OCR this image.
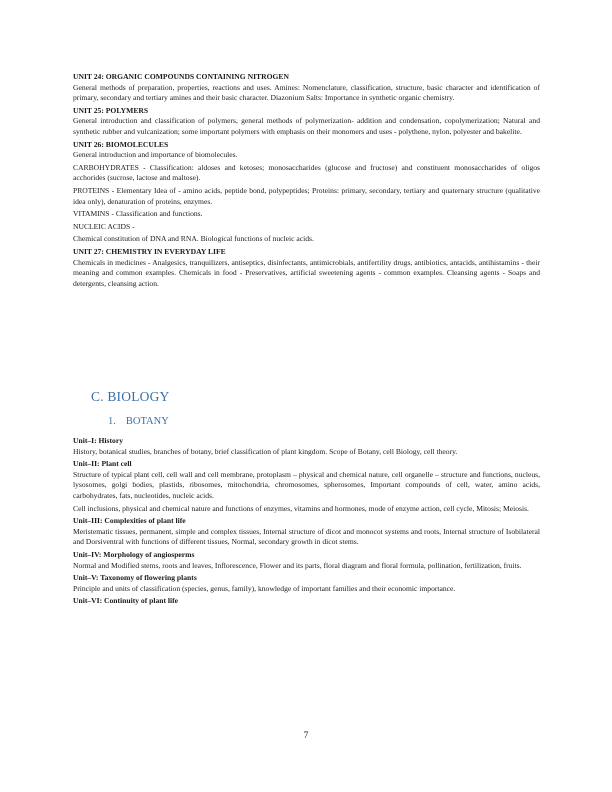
UNIT 24: ORGANIC COMPOUNDS CONTAINING NITROGEN

General methods of preparation, properties, reactions and uses. Amines: Nomenclature, classification, structure, basic character and identification of primary, secondary and tertiary amines and their basic character. Diazonium Salts: Importance in synthetic organic chemistry.

UNIT 25: POLYMERS

General introduction and classification of polymers, general methods of polymerization- addition and condensation, copolymerization; Natural and synthetic rubber and vulcanization; some important polymers with emphasis on their monomers and uses - polythene, nylon, polyester and bakelite.

UNIT 26: BIOMOLECULES

General introduction and importance of biomolecules.

CARBOHYDRATES - Classification: aldoses and ketoses; monosaccharides (glucose and fructose) and constituent monosaccharides of oligos acchorides (sucrose, lactose and maltose).

PROTEINS - Elementary Idea of - amino acids, peptide bond, polypeptides; Proteins: primary, secondary, tertiary and quaternary structure (qualitative idea only), denaturation of proteins, enzymes.

VITAMINS - Classification and functions.

NUCLEIC ACIDS -

Chemical constitution of DNA and RNA. Biological functions of nucleic acids.

UNIT 27: CHEMISTRY IN EVERYDAY LIFE

Chemicals in medicines - Analgesics, tranquilizers, antiseptics, disinfectants, antimicrobials, antifertility drugs, antibiotics, antacids, antihistamins - their meaning and common examples. Chemicals in food - Preservatives, artificial sweetening agents - common examples. Cleansing agents - Soaps and detergents, cleansing action.

C. BIOLOGY
1. BOTANY

Unit–I: History

History, botanical studies, branches of botany, brief classification of plant kingdom. Scope of Botany, cell Biology, cell theory.

Unit–II: Plant cell

Structure of typical plant cell, cell wall and cell membrane, protoplasm – physical and chemical nature, cell organelle – structure and functions, nucleus, lysosomes, golgi bodies, plastids, ribosomes, mitochondria, chromosomes, spherosomes, Important compounds of cell, water, amino acids, carbohydrates, fats, nucleotides, nucleic acids.

Cell inclusions, physical and chemical nature and functions of enzymes, vitamins and hormones, mode of enzyme action, cell cycle, Mitosis; Meiosis.

Unit–III: Complexities of plant life

Meristematic tissues, permanent, simple and complex tissues, Internal structure of dicot and monocot systems and roots, Internal structure of Isobilateral and Dorsiventral with functions of different tissues, Normal, secondary growth in dicot stems.

Unit–IV: Morphology of angiosperms

Normal and Modified stems, roots and leaves, Inflorescence, Flower and its parts, floral diagram and floral formula, pollination, fertilization, fruits.

Unit–V: Taxonomy of flowering plants

Principle and units of classification (species, genus, family), knowledge of important families and their economic importance.

Unit–VI: Continuity of plant life

7
